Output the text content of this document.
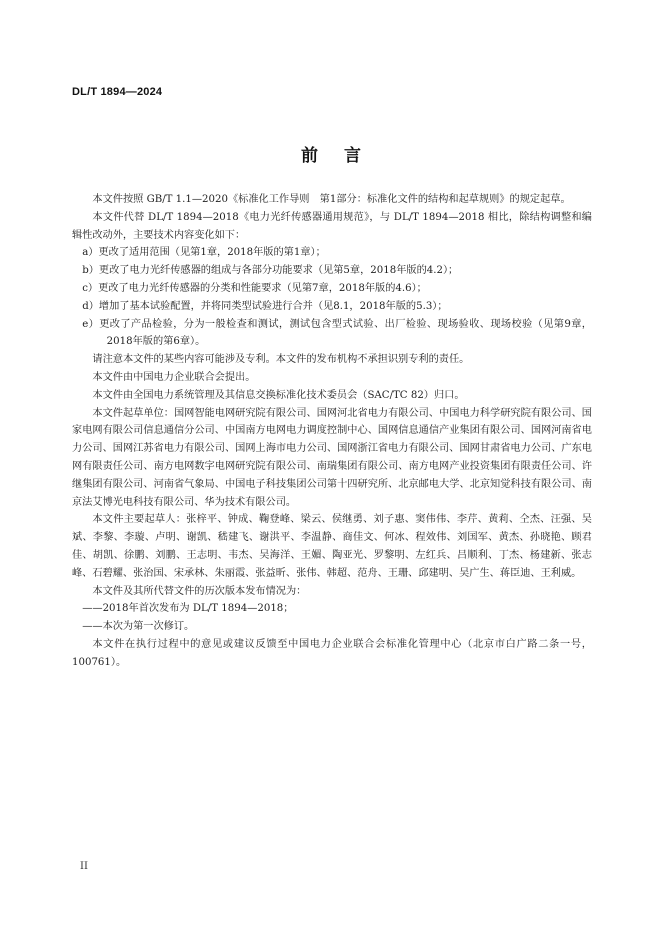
DL/T 1894—2024
前言

本文件按照 GB/T 1.1—2020《标准化工作导则　第1部分：标准化文件的结构和起草规则》的规定起草。

本文件代替 DL/T 1894—2018《电力光纤传感器通用规范》，与 DL/T 1894—2018 相比，除结构调整和编辑性改动外，主要技术内容变化如下：

a）更改了适用范围（见第1章，2018年版的第1章）；
b）更改了电力光纤传感器的组成与各部分功能要求（见第5章，2018年版的4.2）；
c）更改了电力光纤传感器的分类和性能要求（见第7章，2018年版的4.6）；
d）增加了基本试验配置，并将同类型试验进行合并（见8.1，2018年版的5.3）；
e）更改了产品检验，分为一般检查和测试，测试包含型式试验、出厂检验、现场验收、现场校验（见第9章，2018年版的第6章）。

请注意本文件的某些内容可能涉及专利。本文件的发布机构不承担识别专利的责任。

本文件由中国电力企业联合会提出。

本文件由全国电力系统管理及其信息交换标准化技术委员会（SAC/TC 82）归口。

本文件起草单位：国网智能电网研究院有限公司、国网河北省电力有限公司、中国电力科学研究院有限公司、国家电网有限公司信息通信分公司、中国南方电网电力调度控制中心、国网信息通信产业集团有限公司、国网河南省电力公司、国网江苏省电力有限公司、国网上海市电力公司、国网浙江省电力有限公司、国网甘肃省电力公司、广东电网有限责任公司、南方电网数字电网研究院有限公司、南瑞集团有限公司、南方电网产业投资集团有限责任公司、许继集团有限公司、河南省气象局、中国电子科技集团公司第十四研究所、北京邮电大学、北京知觉科技有限公司、南京法艾博光电科技有限公司、华为技术有限公司。

本文件主要起草人：张梓平、钟成、鞠登峰、梁云、侯继勇、刘子惠、窦伟伟、李芹、黄莉、仝杰、汪强、吴斌、李黎、李璇、卢明、谢凯、嵇建飞、谢洪平、李温静、商佳文、何冰、程效伟、刘国军、黄杰、孙晓艳、顾君佳、胡凯、徐鹏、刘鹏、王志明、韦杰、吴海洋、王媚、陶亚光、罗黎明、左红兵、吕顺利、丁杰、杨建新、张志峰、石碧耀、张治国、宋承林、朱丽霞、张益昕、张伟、韩超、范舟、王珊、邱建明、吴广生、蒋臣迪、王利威。

本文件及其所代替文件的历次版本发布情况为：

——2018年首次发布为 DL/T 1894—2018；

——本次为第一次修订。

本文件在执行过程中的意见或建议反馈至中国电力企业联合会标准化管理中心（北京市白广路二条一号，100761）。

II
